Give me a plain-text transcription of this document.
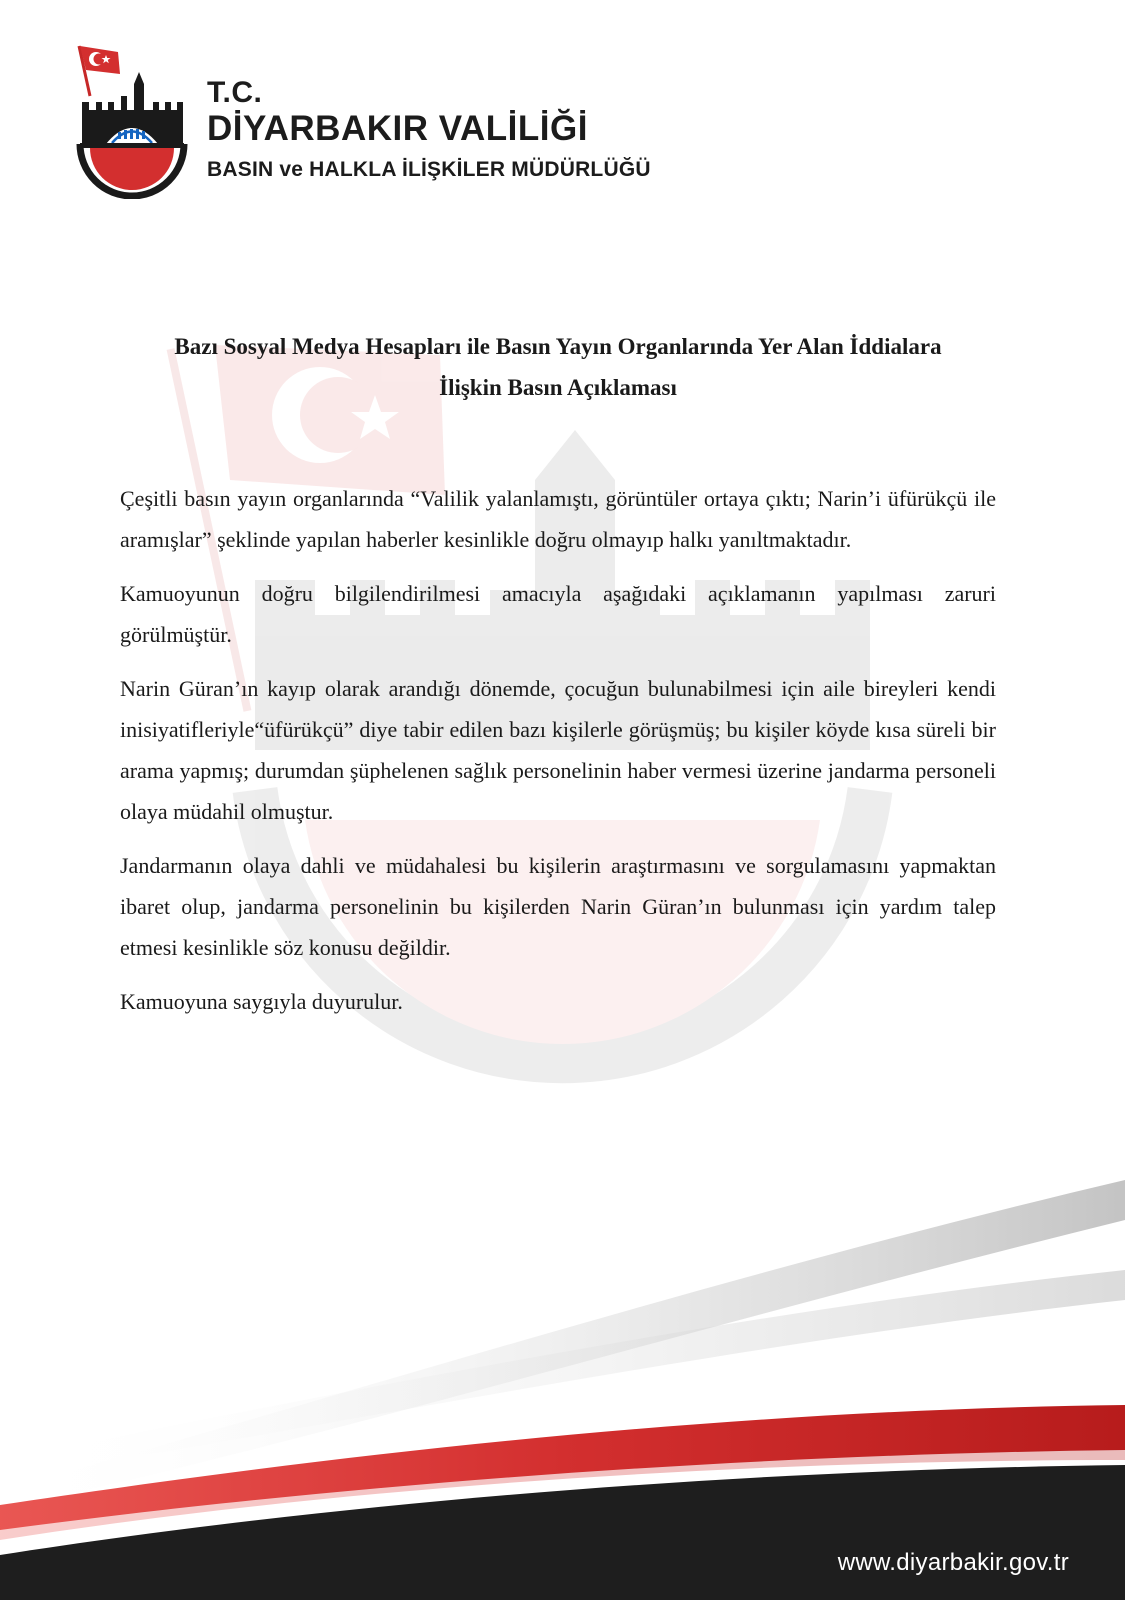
T.C.
DİYARBAKIR VALİLİĞİ
BASIN ve HALKLA İLİŞKİLER MÜDÜRLÜĞÜ
Bazı Sosyal Medya Hesapları ile Basın Yayın Organlarında Yer Alan İddialara
İlişkin Basın Açıklaması

Çeşitli basın yayın organlarında “Valilik yalanlamıştı, görüntüler ortaya çıktı; Narin’i üfürükçü ile aramışlar” şeklinde yapılan haberler kesinlikle doğru olmayıp halkı yanıltmaktadır.

Kamuoyunun doğru bilgilendirilmesi amacıyla aşağıdaki açıklamanın yapılması zaruri görülmüştür.

Narin Güran’ın kayıp olarak arandığı dönemde, çocuğun bulunabilmesi için aile bireyleri kendi inisiyatifleriyle“üfürükçü” diye tabir edilen bazı kişilerle görüşmüş; bu kişiler köyde kısa süreli bir arama yapmış; durumdan şüphelenen sağlık personelinin haber vermesi üzerine jandarma personeli olaya müdahil olmuştur.

Jandarmanın olaya dahli ve müdahalesi bu kişilerin araştırmasını ve sorgulamasını yapmaktan ibaret olup, jandarma personelinin bu kişilerden Narin Güran’ın bulunması için yardım talep etmesi kesinlikle söz konusu değildir.

Kamuoyuna saygıyla duyurulur.

www.diyarbakir.gov.tr
